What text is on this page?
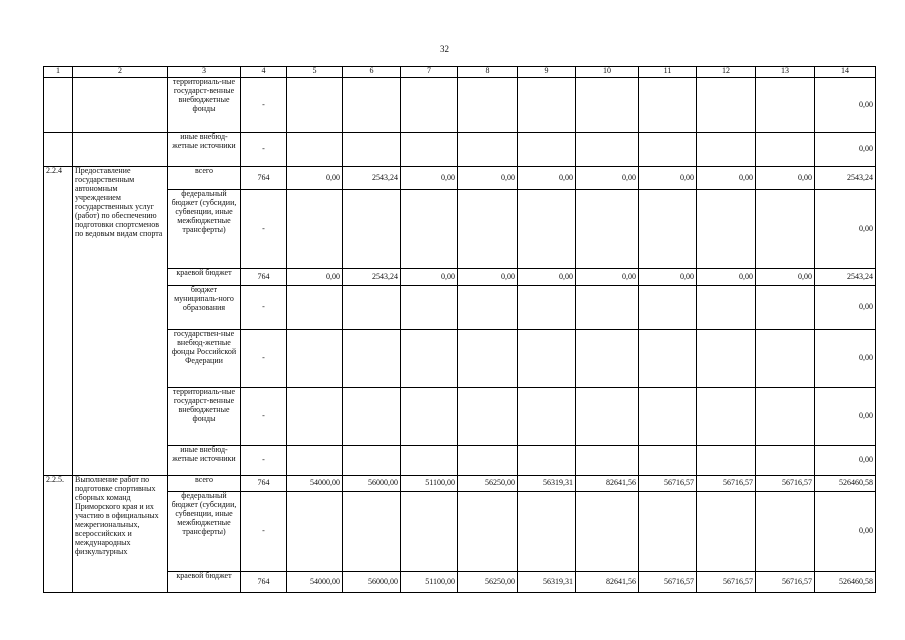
32
1	2	3	4	5	6	7	8	9	10	11	12	13	14
		территориаль-ные государст-венные внебюджетные фонды	-										0,00
		иные внебюд-жетные источники	-										0,00
2.2.4	Предоставление государственным автономным учреждением государственных услуг (работ) по обеспечению подготовки спортсменов по ведовым видам спорта	всего	764	0,00	2543,24	0,00	0,00	0,00	0,00	0,00	0,00	0,00	2543,24
		федеральный бюджет (субсидии, субвенции, иные межбюджетные трансферты)	-										0,00
		краевой бюджет	764	0,00	2543,24	0,00	0,00	0,00	0,00	0,00	0,00	0,00	2543,24
		бюджет муниципаль-ного образования	-										0,00
		государствен-ные внебюд-жетные фонды Российской Федерации	-										0,00
		территориаль-ные государст-венные внебюджетные фонды	-										0,00
		иные внебюд-жетные источники	-										0,00
2.2.5.	Выполнение работ по подготовке спортивных сборных команд Приморского края и их участию в официальных межрегиональных, всероссийских и международных физкультурных	всего	764	54000,00	56000,00	51100,00	56250,00	56319,31	82641,56	56716,57	56716,57	56716,57	526460,58
		федеральный бюджет (субсидии, субвенции, иные межбюджетные трансферты)	-										0,00
		краевой бюджет	764	54000,00	56000,00	51100,00	56250,00	56319,31	82641,56	56716,57	56716,57	56716,57	526460,58
